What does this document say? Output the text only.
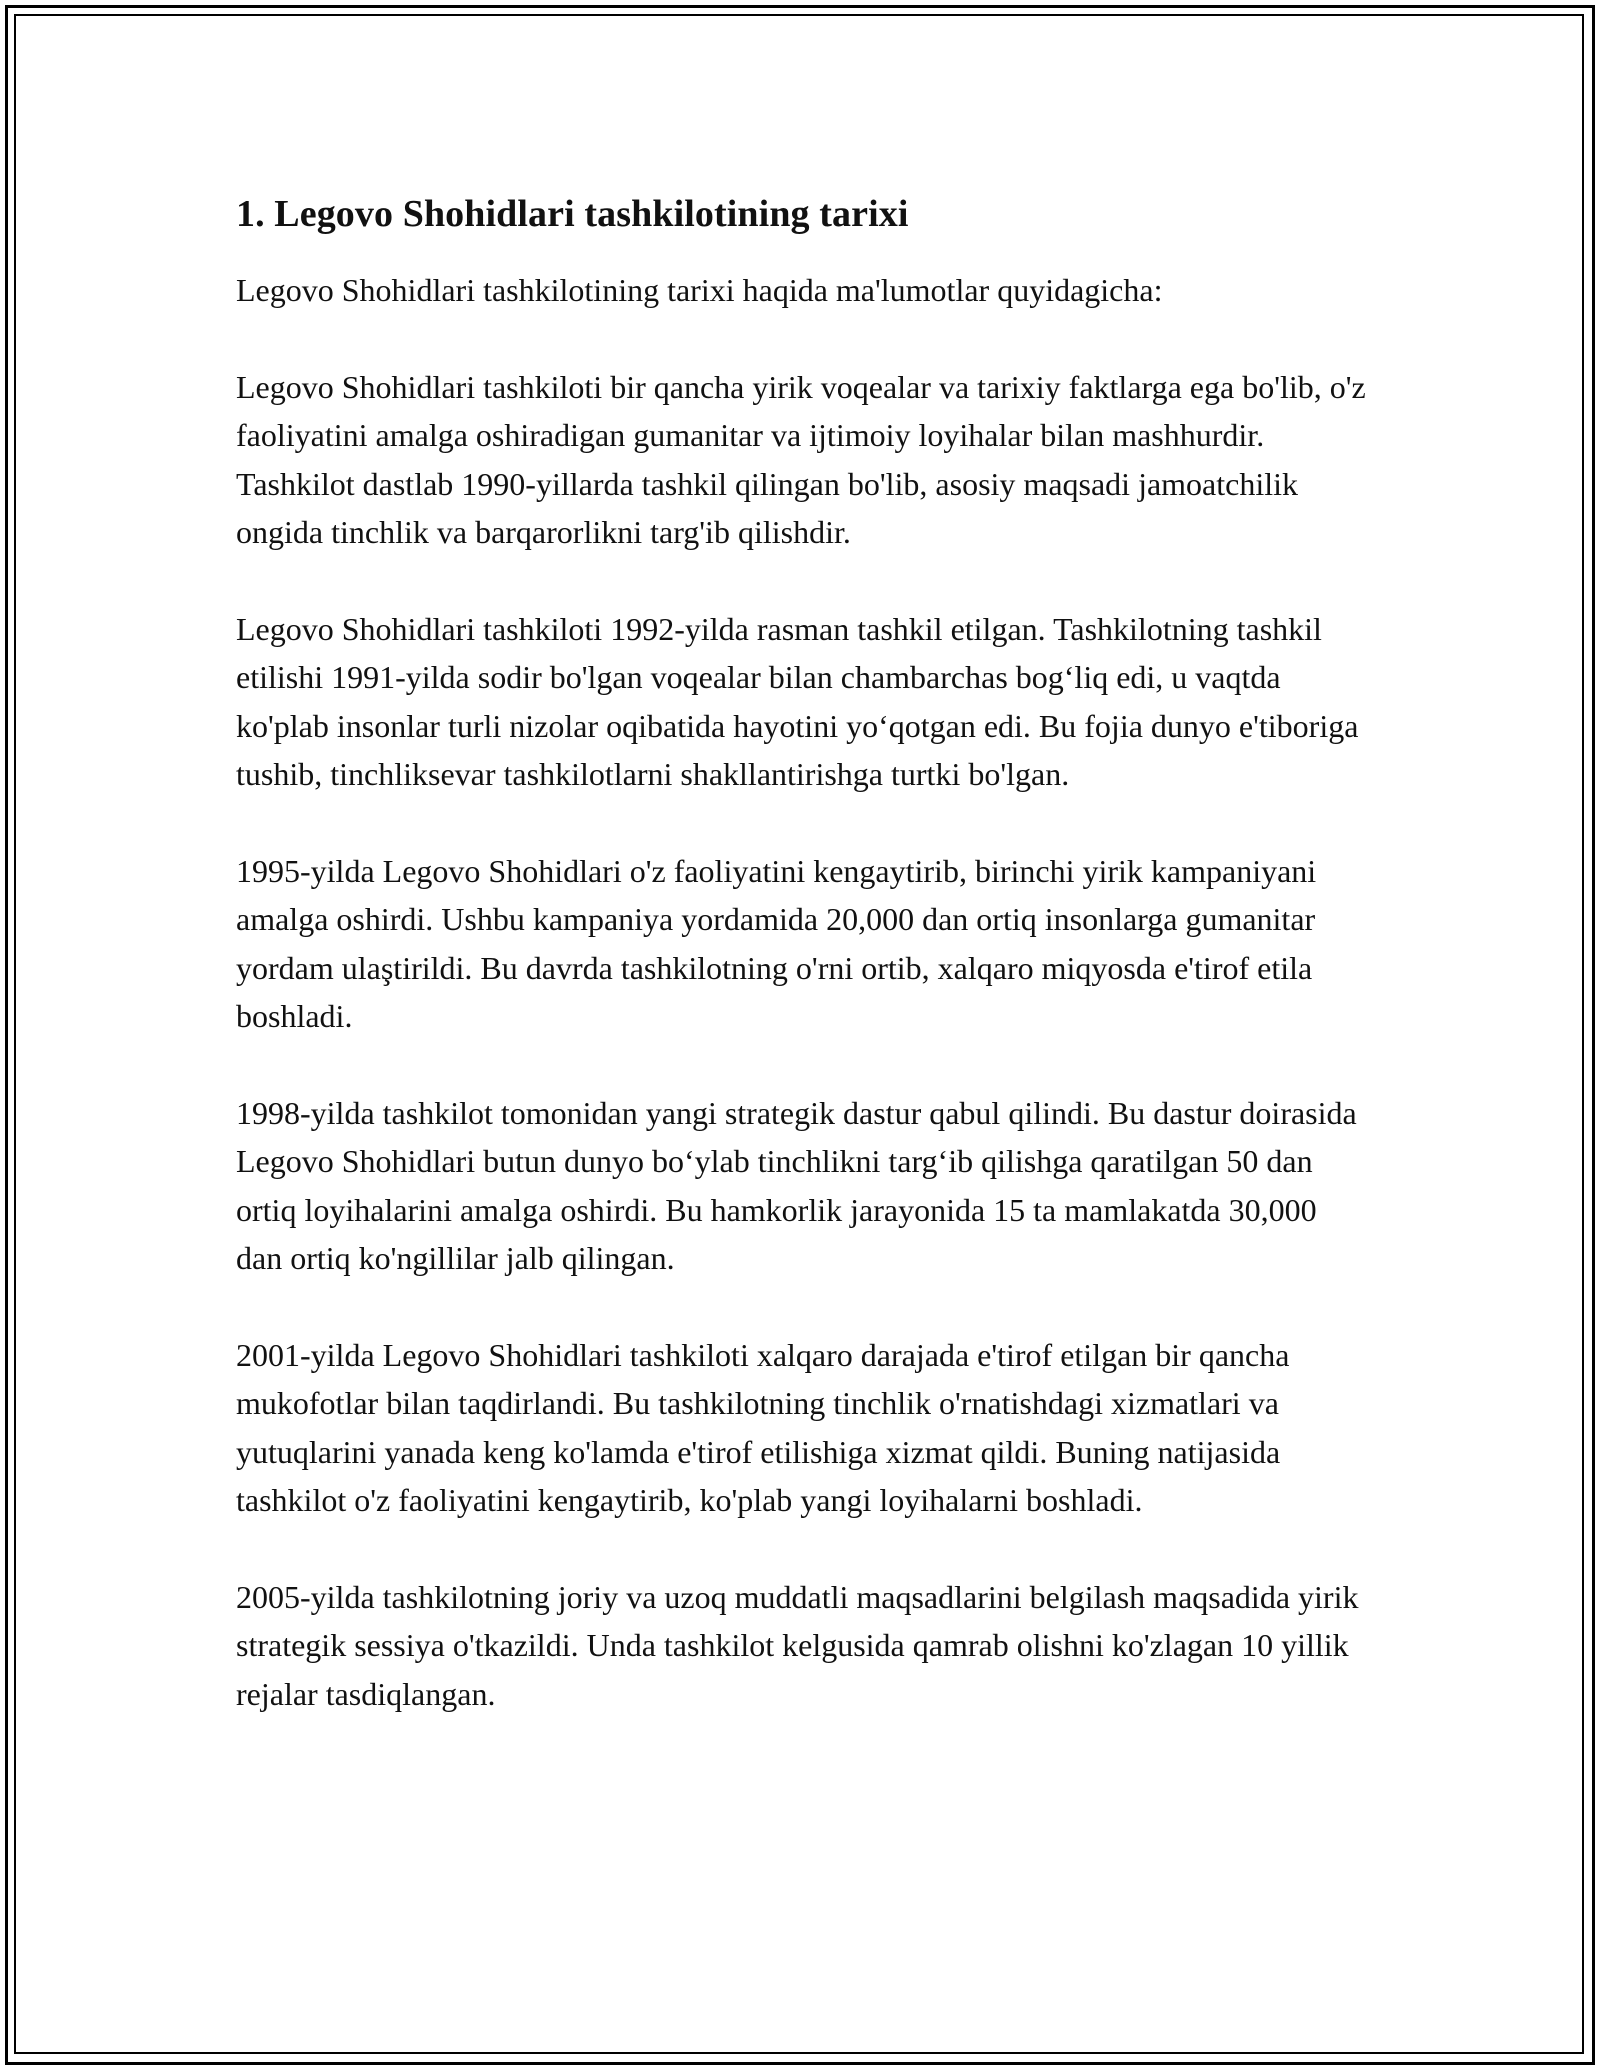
1. Legovo Shohidlari tashkilotining tarixi

Legovo Shohidlari tashkilotining tarixi haqida ma'lumotlar quyidagicha:

Legovo Shohidlari tashkiloti bir qancha yirik voqealar va tarixiy faktlarga ega bo'lib, o'z faoliyatini amalga oshiradigan gumanitar va ijtimoiy loyihalar bilan mashhurdir. Tashkilot dastlab 1990-yillarda tashkil qilingan bo'lib, asosiy maqsadi jamoatchilik ongida tinchlik va barqarorlikni targ'ib qilishdir.

Legovo Shohidlari tashkiloti 1992-yilda rasman tashkil etilgan. Tashkilotning tashkil etilishi 1991-yilda sodir bo'lgan voqealar bilan chambarchas bog‘liq edi, u vaqtda ko'plab insonlar turli nizolar oqibatida hayotini yo‘qotgan edi. Bu fojia dunyo e'tiboriga tushib, tinchliksevar tashkilotlarni shakllantirishga turtki bo'lgan.

1995-yilda Legovo Shohidlari o'z faoliyatini kengaytirib, birinchi yirik kampaniyani amalga oshirdi. Ushbu kampaniya yordamida 20,000 dan ortiq insonlarga gumanitar yordam ulaştirildi. Bu davrda tashkilotning o'rni ortib, xalqaro miqyosda e'tirof etila boshladi.

1998-yilda tashkilot tomonidan yangi strategik dastur qabul qilindi. Bu dastur doirasida Legovo Shohidlari butun dunyo bo‘ylab tinchlikni targ‘ib qilishga qaratilgan 50 dan ortiq loyihalarini amalga oshirdi. Bu hamkorlik jarayonida 15 ta mamlakatda 30,000 dan ortiq ko'ngillilar jalb qilingan.

2001-yilda Legovo Shohidlari tashkiloti xalqaro darajada e'tirof etilgan bir qancha mukofotlar bilan taqdirlandi. Bu tashkilotning tinchlik o'rnatishdagi xizmatlari va yutuqlarini yanada keng ko'lamda e'tirof etilishiga xizmat qildi. Buning natijasida tashkilot o'z faoliyatini kengaytirib, ko'plab yangi loyihalarni boshladi.

2005-yilda tashkilotning joriy va uzoq muddatli maqsadlarini belgilash maqsadida yirik strategik sessiya o'tkazildi. Unda tashkilot kelgusida qamrab olishni ko'zlagan 10 yillik rejalar tasdiqlangan.
